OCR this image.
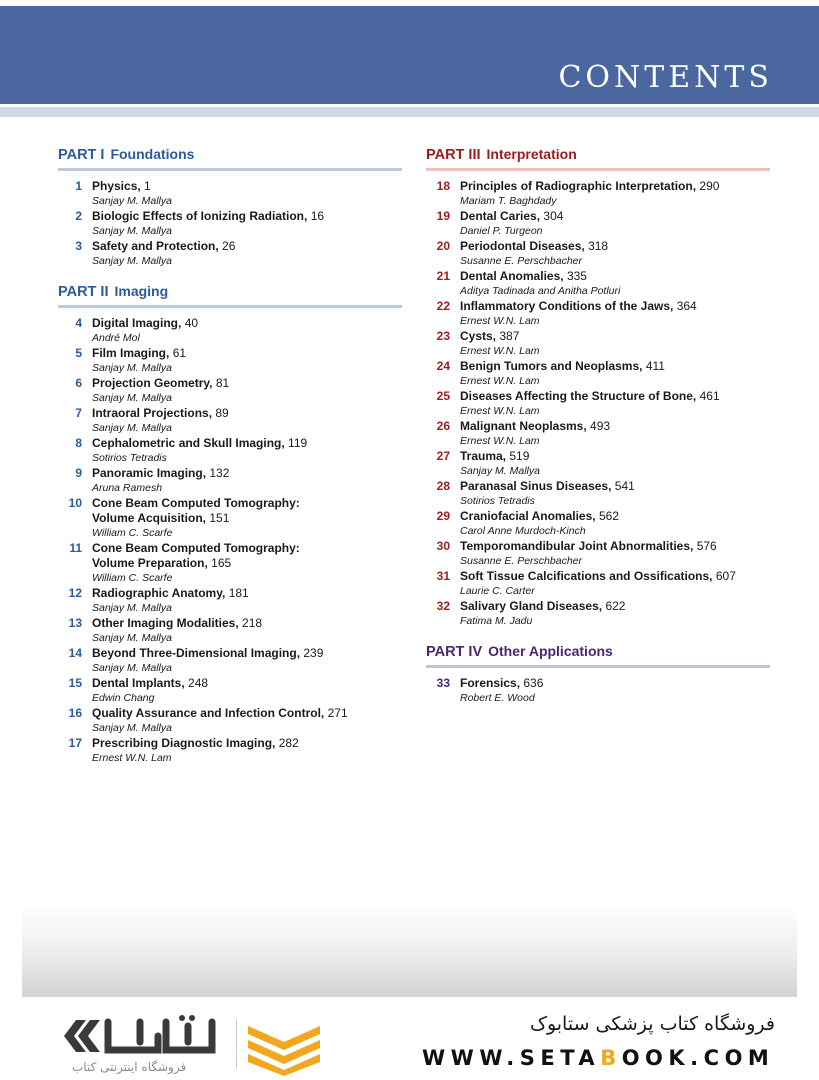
CONTENTS
PART I Foundations
1 Physics, 1
Sanjay M. Mallya
2 Biologic Effects of Ionizing Radiation, 16
Sanjay M. Mallya
3 Safety and Protection, 26
Sanjay M. Mallya
PART II Imaging
4 Digital Imaging, 40
André Mol
5 Film Imaging, 61
Sanjay M. Mallya
6 Projection Geometry, 81
Sanjay M. Mallya
7 Intraoral Projections, 89
Sanjay M. Mallya
8 Cephalometric and Skull Imaging, 119
Sotirios Tetradis
9 Panoramic Imaging, 132
Aruna Ramesh
10 Cone Beam Computed Tomography: Volume Acquisition, 151
William C. Scarfe
11 Cone Beam Computed Tomography: Volume Preparation, 165
William C. Scarfe
12 Radiographic Anatomy, 181
Sanjay M. Mallya
13 Other Imaging Modalities, 218
Sanjay M. Mallya
14 Beyond Three-Dimensional Imaging, 239
Sanjay M. Mallya
15 Dental Implants, 248
Edwin Chang
16 Quality Assurance and Infection Control, 271
Sanjay M. Mallya
17 Prescribing Diagnostic Imaging, 282
Ernest W.N. Lam
PART III Interpretation
18 Principles of Radiographic Interpretation, 290
Mariam T. Baghdady
19 Dental Caries, 304
Daniel P. Turgeon
20 Periodontal Diseases, 318
Susanne E. Perschbacher
21 Dental Anomalies, 335
Aditya Tadinada and Anitha Potluri
22 Inflammatory Conditions of the Jaws, 364
Ernest W.N. Lam
23 Cysts, 387
Ernest W.N. Lam
24 Benign Tumors and Neoplasms, 411
Ernest W.N. Lam
25 Diseases Affecting the Structure of Bone, 461
Ernest W.N. Lam
26 Malignant Neoplasms, 493
Ernest W.N. Lam
27 Trauma, 519
Sanjay M. Mallya
28 Paranasal Sinus Diseases, 541
Sotirios Tetradis
29 Craniofacial Anomalies, 562
Carol Anne Murdoch-Kinch
30 Temporomandibular Joint Abnormalities, 576
Susanne E. Perschbacher
31 Soft Tissue Calcifications and Ossifications, 607
Laurie C. Carter
32 Salivary Gland Diseases, 622
Fatima M. Jadu
PART IV Other Applications
33 Forensics, 636
Robert E. Wood
فروشگاه اینترنتی کتاب
فروشگاه کتاب پزشکی ستابوک
WWW.SETABOOK.COM
